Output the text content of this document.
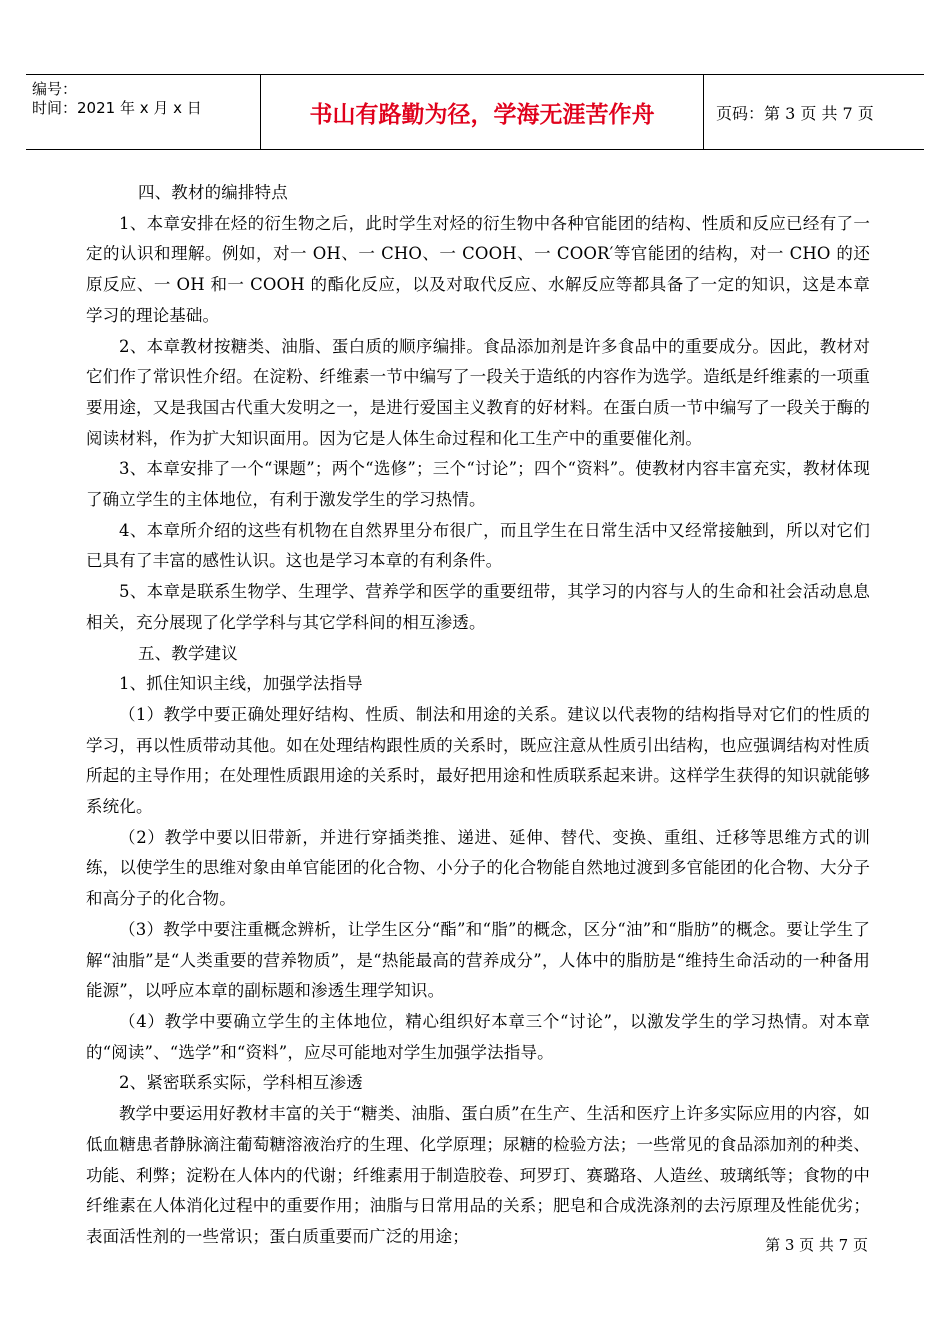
编号：
时间：2021 年 x 月 x 日	书山有路勤为径，学海无涯苦作舟	页码：第 3 页 共 7 页

四、教材的编排特点

1、本章安排在烃的衍生物之后，此时学生对烃的衍生物中各种官能团的结构、性质和反应已经有了一定的认识和理解。例如，对一 OH、一 CHO、一 COOH、一 COOR′等官能团的结构，对一 CHO 的还原反应、一 OH 和一 COOH 的酯化反应，以及对取代反应、水解反应等都具备了一定的知识，这是本章学习的理论基础。

2、本章教材按糖类、油脂、蛋白质的顺序编排。食品添加剂是许多食品中的重要成分。因此，教材对它们作了常识性介绍。在淀粉、纤维素一节中编写了一段关于造纸的内容作为选学。造纸是纤维素的一项重要用途，又是我国古代重大发明之一，是进行爱国主义教育的好材料。在蛋白质一节中编写了一段关于酶的阅读材料，作为扩大知识面用。因为它是人体生命过程和化工生产中的重要催化剂。

3、本章安排了一个“课题”；两个“选修”；三个“讨论”；四个“资料”。使教材内容丰富充实，教材体现了确立学生的主体地位，有利于激发学生的学习热情。

4、本章所介绍的这些有机物在自然界里分布很广，而且学生在日常生活中又经常接触到，所以对它们已具有了丰富的感性认识。这也是学习本章的有利条件。

5、本章是联系生物学、生理学、营养学和医学的重要纽带，其学习的内容与人的生命和社会活动息息相关，充分展现了化学学科与其它学科间的相互渗透。

五、教学建议

1、抓住知识主线，加强学法指导

（1）教学中要正确处理好结构、性质、制法和用途的关系。建议以代表物的结构指导对它们的性质的学习，再以性质带动其他。如在处理结构跟性质的关系时，既应注意从性质引出结构，也应强调结构对性质所起的主导作用；在处理性质跟用途的关系时，最好把用途和性质联系起来讲。这样学生获得的知识就能够系统化。

（2）教学中要以旧带新，并进行穿插类推、递进、延伸、替代、变换、重组、迁移等思维方式的训练，以使学生的思维对象由单官能团的化合物、小分子的化合物能自然地过渡到多官能团的化合物、大分子和高分子的化合物。

（3）教学中要注重概念辨析，让学生区分“酯”和“脂”的概念，区分“油”和“脂肪”的概念。要让学生了解“油脂”是“人类重要的营养物质”，是“热能最高的营养成分”，人体中的脂肪是“维持生命活动的一种备用能源”，以呼应本章的副标题和渗透生理学知识。

（4）教学中要确立学生的主体地位，精心组织好本章三个“讨论”，以激发学生的学习热情。对本章的“阅读”、“选学”和“资料”，应尽可能地对学生加强学法指导。

2、紧密联系实际，学科相互渗透

教学中要运用好教材丰富的关于“糖类、油脂、蛋白质”在生产、生活和医疗上许多实际应用的内容，如低血糖患者静脉滴注葡萄糖溶液治疗的生理、化学原理；尿糖的检验方法；一些常见的食品添加剂的种类、功能、利弊；淀粉在人体内的代谢；纤维素用于制造胶卷、珂罗玎、赛璐珞、人造丝、玻璃纸等；食物的中纤维素在人体消化过程中的重要作用；油脂与日常用品的关系；肥皂和合成洗涤剂的去污原理及性能优劣；表面活性剂的一些常识；蛋白质重要而广泛的用途；	第 3 页 共 7 页
